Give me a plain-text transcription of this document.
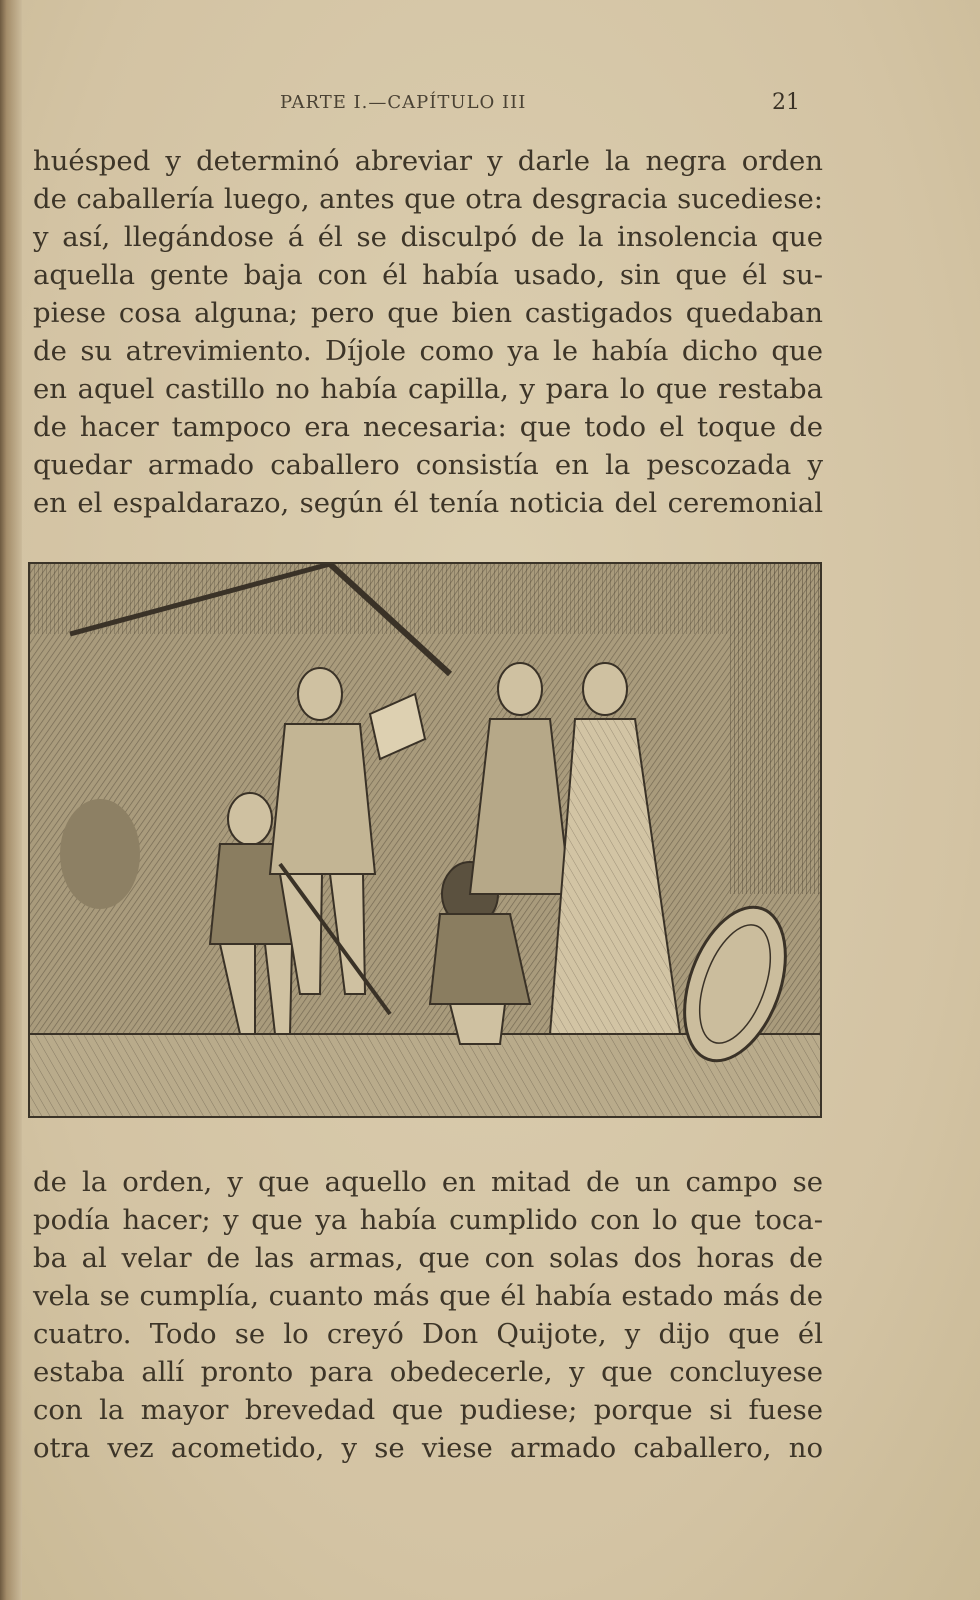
PARTE I.—CAPÍTULO III	21
huésped y determinó abreviar y darle la negra orden
de caballería luego, antes que otra desgracia sucediese:
y así, llegándose á él se disculpó de la insolencia que
aquella gente baja con él había usado, sin que él su-
piese cosa alguna; pero que bien castigados quedaban
de su atrevimiento. Díjole como ya le había dicho que
en aquel castillo no había capilla, y para lo que restaba
de hacer tampoco era necesaria: que todo el toque de
quedar armado caballero consistía en la pescozada y
en el espaldarazo, según él tenía noticia del ceremonial
de la orden, y que aquello en mitad de un campo se
podía hacer; y que ya había cumplido con lo que toca-
ba al velar de las armas, que con solas dos horas de
vela se cumplía, cuanto más que él había estado más de
cuatro. Todo se lo creyó Don Quijote, y dijo que él
estaba allí pronto para obedecerle, y que concluyese
con la mayor brevedad que pudiese; porque si fuese
otra vez acometido, y se viese armado caballero, no
